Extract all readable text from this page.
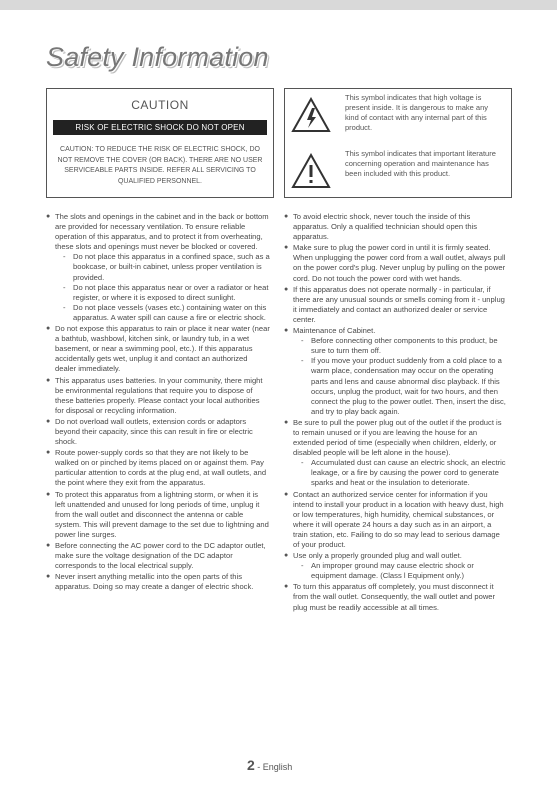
Safety Information
CAUTION
RISK OF ELECTRIC SHOCK DO NOT OPEN
CAUTION: TO REDUCE THE RISK OF ELECTRIC SHOCK, DO NOT REMOVE THE COVER (OR BACK). THERE ARE NO USER SERVICEABLE PARTS INSIDE. REFER ALL SERVICING TO QUALIFIED PERSONNEL.
This symbol indicates that high voltage is present inside. It is dangerous to make any kind of contact with any internal part of this product.
This symbol indicates that important literature concerning operation and maintenance has been included with this product.
● The slots and openings in the cabinet and in the back or bottom are provided for necessary ventilation. To ensure reliable operation of this apparatus, and to protect it from overheating, these slots and openings must never be blocked or covered.
- Do not place this apparatus in a confined space, such as a bookcase, or built-in cabinet, unless proper ventilation is provided.
- Do not place this apparatus near or over a radiator or heat register, or where it is exposed to direct sunlight.
- Do not place vessels (vases etc.) containing water on this apparatus. A water spill can cause a fire or electric shock.
● Do not expose this apparatus to rain or place it near water (near a bathtub, washbowl, kitchen sink, or laundry tub, in a wet basement, or near a swimming pool, etc.). If this apparatus accidentally gets wet, unplug it and contact an authorized dealer immediately.
● This apparatus uses batteries. In your community, there might be environmental regulations that require you to dispose of these batteries properly. Please contact your local authorities for disposal or recycling information.
● Do not overload wall outlets, extension cords or adaptors beyond their capacity, since this can result in fire or electric shock.
● Route power-supply cords so that they are not likely to be walked on or pinched by items placed on or against them. Pay particular attention to cords at the plug end, at wall outlets, and the point where they exit from the apparatus.
● To protect this apparatus from a lightning storm, or when it is left unattended and unused for long periods of time, unplug it from the wall outlet and disconnect the antenna or cable system. This will prevent damage to the set due to lightning and power line surges.
● Before connecting the AC power cord to the DC adaptor outlet, make sure the voltage designation of the DC adaptor corresponds to the local electrical supply.
● Never insert anything metallic into the open parts of this apparatus. Doing so may create a danger of electric shock.
● To avoid electric shock, never touch the inside of this apparatus. Only a qualified technician should open this apparatus.
● Make sure to plug the power cord in until it is firmly seated. When unplugging the power cord from a wall outlet, always pull on the power cord's plug. Never unplug by pulling on the power cord. Do not touch the power cord with wet hands.
● If this apparatus does not operate normally - in particular, if there are any unusual sounds or smells coming from it - unplug it immediately and contact an authorized dealer or service center.
● Maintenance of Cabinet.
- Before connecting other components to this product, be sure to turn them off.
- If you move your product suddenly from a cold place to a warm place, condensation may occur on the operating parts and lens and cause abnormal disc playback. If this occurs, unplug the product, wait for two hours, and then connect the plug to the power outlet. Then, insert the disc, and try to play back again.
● Be sure to pull the power plug out of the outlet if the product is to remain unused or if you are leaving the house for an extended period of time (especially when children, elderly, or disabled people will be left alone in the house).
- Accumulated dust can cause an electric shock, an electric leakage, or a fire by causing the power cord to generate sparks and heat or the insulation to deteriorate.
● Contact an authorized service center for information if you intend to install your product in a location with heavy dust, high or low temperatures, high humidity, chemical substances, or where it will operate 24 hours a day such as in an airport, a train station, etc. Failing to do so may lead to serious damage of your product.
● Use only a properly grounded plug and wall outlet.
- An improper ground may cause electric shock or equipment damage. (Class l Equipment only.)
● To turn this apparatus off completely, you must disconnect it from the wall outlet. Consequently, the wall outlet and power plug must be readily accessible at all times.
2 - English
